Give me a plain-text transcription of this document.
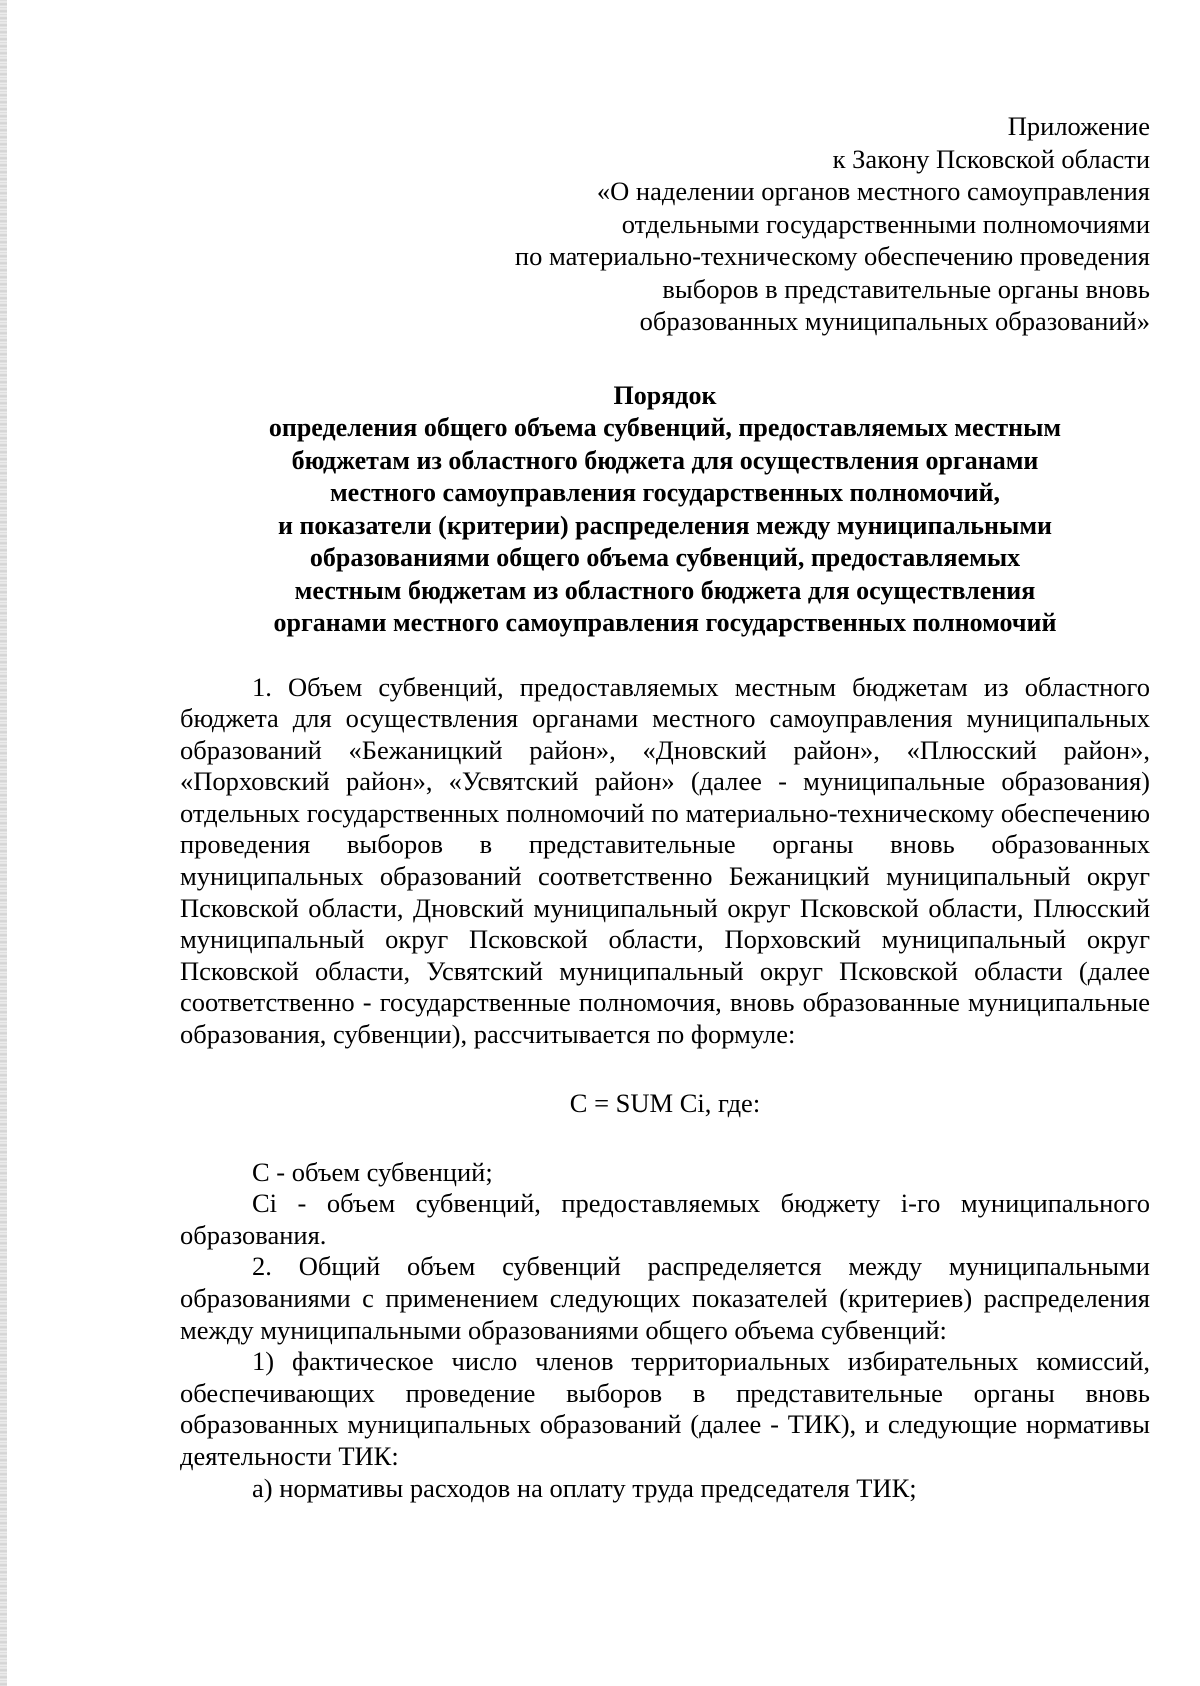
Приложение
к Закону Псковской области
«О наделении органов местного самоуправления
отдельными государственными полномочиями
по материально-техническому обеспечению проведения
выборов в представительные органы вновь
образованных муниципальных образований»
Порядок
определения общего объема субвенций, предоставляемых местным
бюджетам из областного бюджета для осуществления органами
местного самоуправления государственных полномочий,
и показатели (критерии) распределения между муниципальными
образованиями общего объема субвенций, предоставляемых
местным бюджетам из областного бюджета для осуществления
органами местного самоуправления государственных полномочий

1. Объем субвенций, предоставляемых местным бюджетам из областного бюджета для осуществления органами местного самоуправления муниципальных образований «Бежаницкий район», «Дновский район», «Плюсский район», «Порховский район», «Усвятский район» (далее - муниципальные образования) отдельных государственных полномочий по материально-техническому обеспечению проведения выборов в представительные органы вновь образованных муниципальных образований соответственно Бежаницкий муниципальный округ Псковской области, Дновский муниципальный округ Псковской области, Плюсский муниципальный округ Псковской области, Порховский муниципальный округ Псковской области, Усвятский муниципальный округ Псковской области (далее соответственно - государственные полномочия, вновь образованные муниципальные образования, субвенции), рассчитывается по формуле:

С = SUM Ci, где:

С - объем субвенций;

Ci - объем субвенций, предоставляемых бюджету i-го муниципального образования.

2. Общий объем субвенций распределяется между муниципальными образованиями с применением следующих показателей (критериев) распределения между муниципальными образованиями общего объема субвенций:

1) фактическое число членов территориальных избирательных комиссий, обеспечивающих проведение выборов в представительные органы вновь образованных муниципальных образований (далее - ТИК), и следующие нормативы деятельности ТИК:

а) нормативы расходов на оплату труда председателя ТИК;
